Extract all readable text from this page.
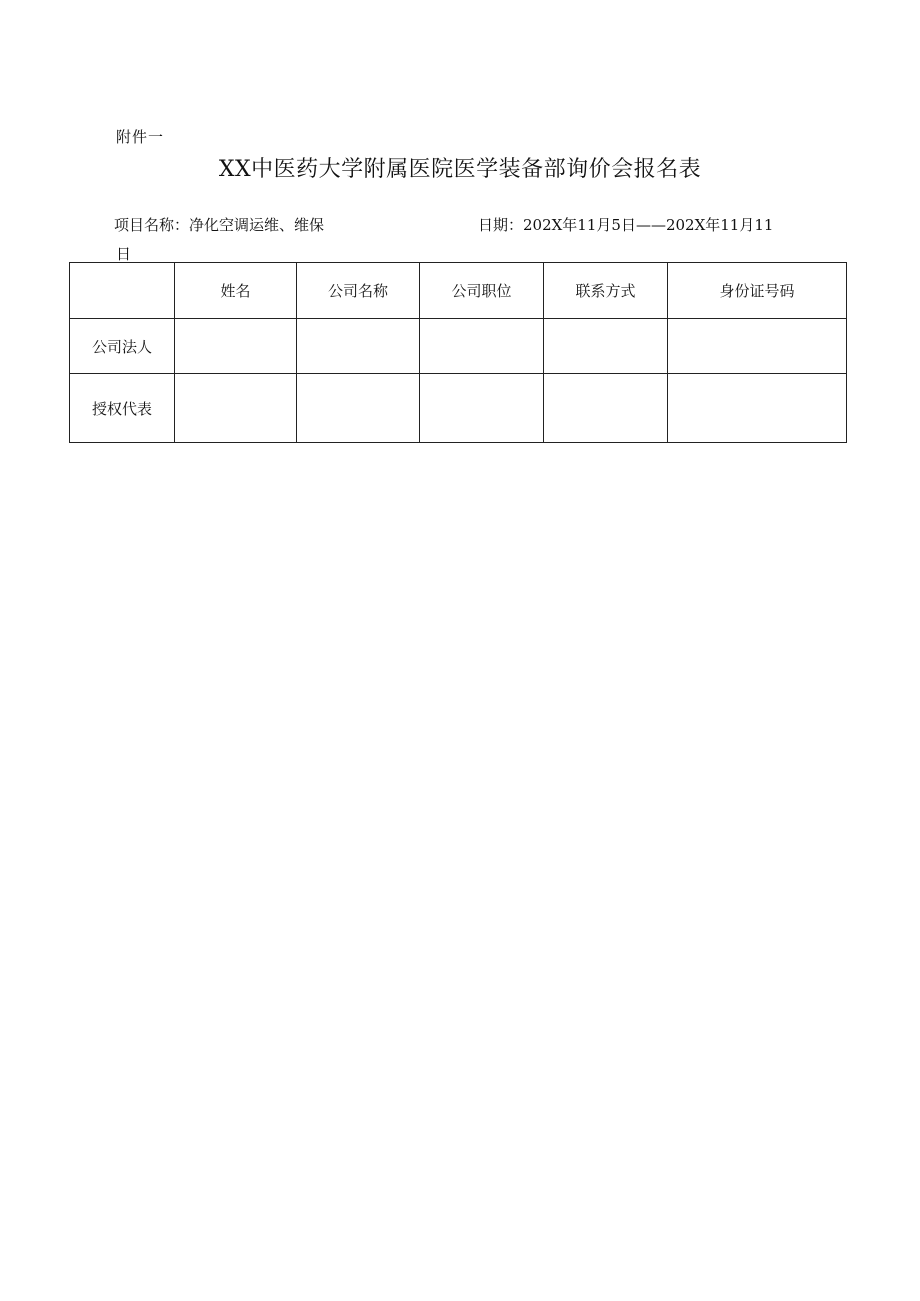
附件一
XX中医药大学附属医院医学装备部询价会报名表
项目名称：净化空调运维、维保
日
日期：202X年11月5日——202X年11月11
	姓名	公司名称	公司职位	联系方式	身份证号码
公司法人					
授权代表					
